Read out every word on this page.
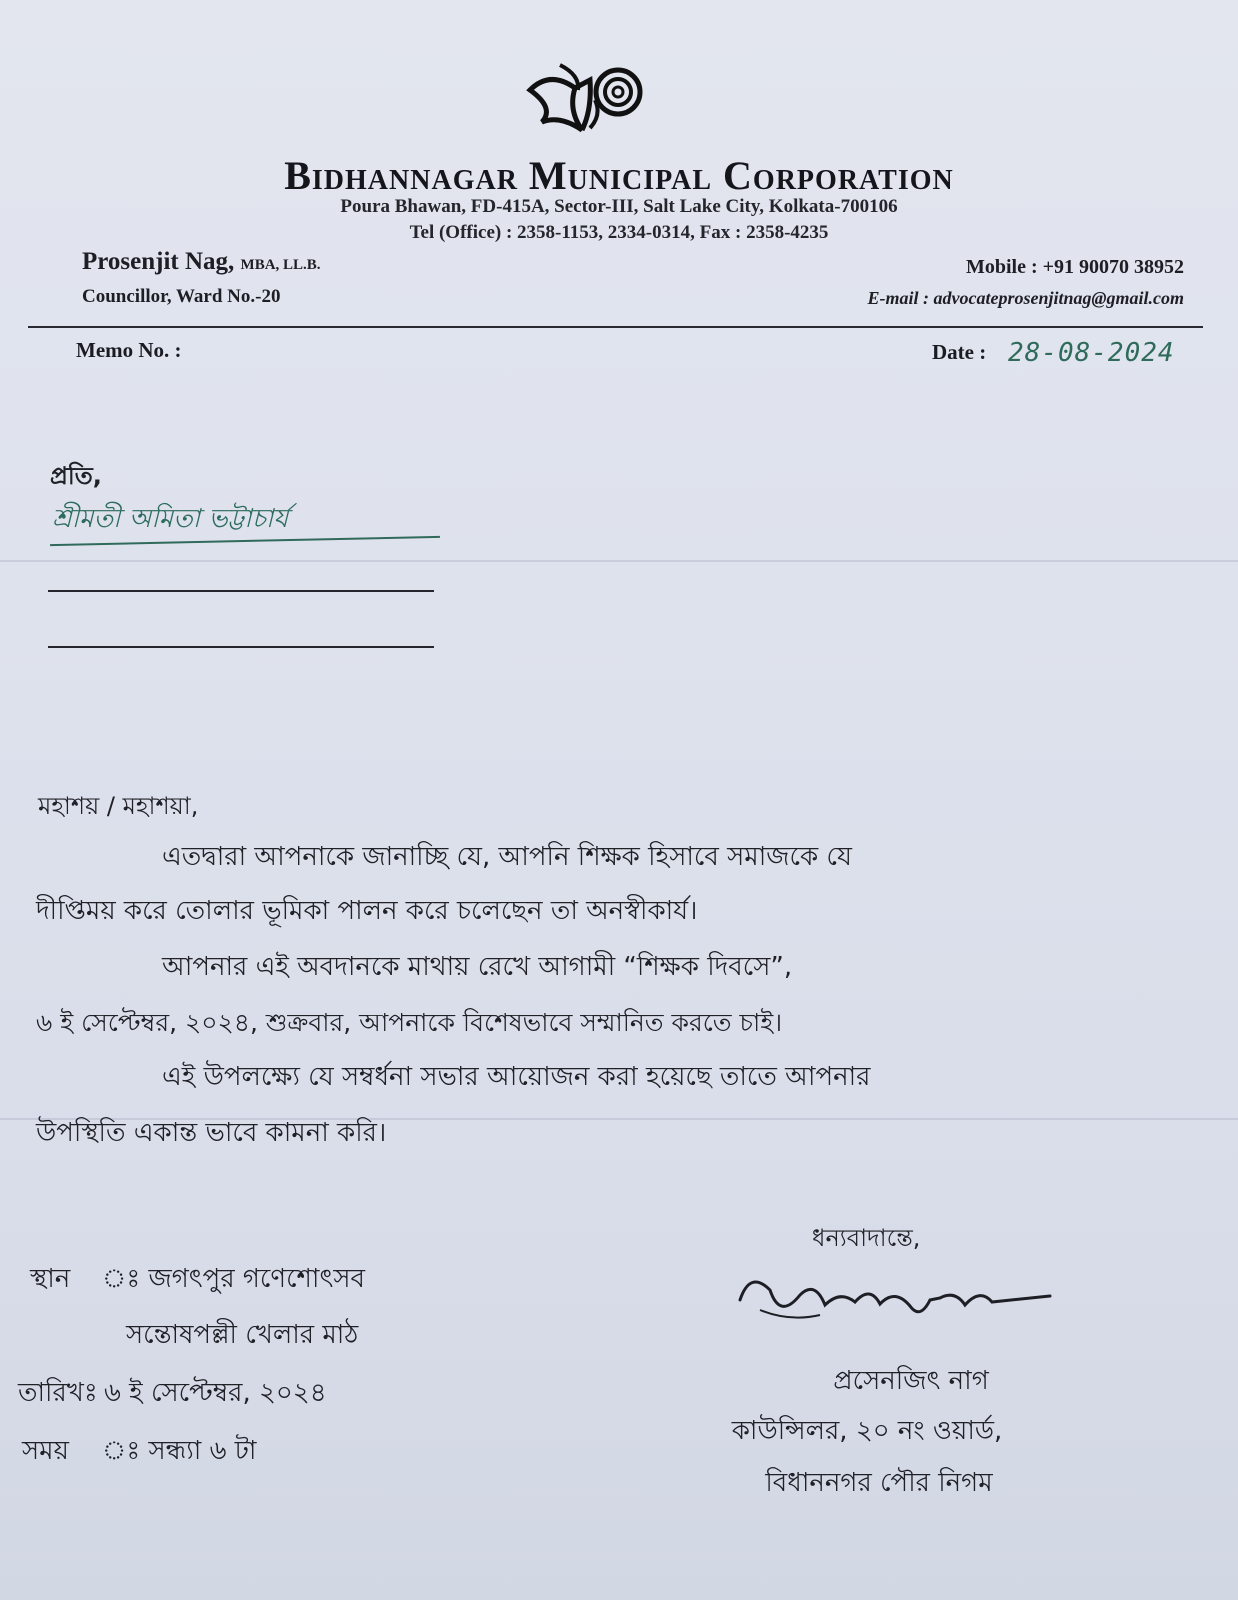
Bidhannagar Municipal Corporation
Poura Bhawan, FD-415A, Sector-III, Salt Lake City, Kolkata-700106
Tel (Office) : 2358-1153, 2334-0314, Fax : 2358-4235
Prosenjit Nag, MBA, LL.B.
Councillor, Ward No.-20
Mobile : +91 90070 38952
E-mail : advocateprosenjitnag@gmail.com
Memo No. :	Date : 28-08-2024
প্রতি,
শ্রীমতী অমিতা ভট্টাচার্য
মহাশয় / মহাশয়া,
এতদ্বারা আপনাকে জানাচ্ছি যে, আপনি শিক্ষক হিসাবে সমাজকে যে
দীপ্তিময় করে তোলার ভূমিকা পালন করে চলেছেন তা অনস্বীকার্য।
আপনার এই অবদানকে মাথায় রেখে আগামী “শিক্ষক দিবসে”,
৬ ই সেপ্টেম্বর, ২০২৪, শুক্রবার, আপনাকে বিশেষভাবে সম্মানিত করতে চাই।
এই উপলক্ষ্যে যে সম্বর্ধনা সভার আয়োজন করা হয়েছে তাতে আপনার
উপস্থিতি একান্ত ভাবে কামনা করি।
স্থান ঃ জগৎপুর গণেশোৎসব
সন্তোষপল্লী খেলার মাঠ
তারিখঃ ৬ ই সেপ্টেম্বর, ২০২৪
সময় ঃ সন্ধ্যা ৬ টা
ধন্যবাদান্তে,
প্রসেনজিৎ নাগ
কাউন্সিলর, ২০ নং ওয়ার্ড,
বিধাননগর পৌর নিগম
